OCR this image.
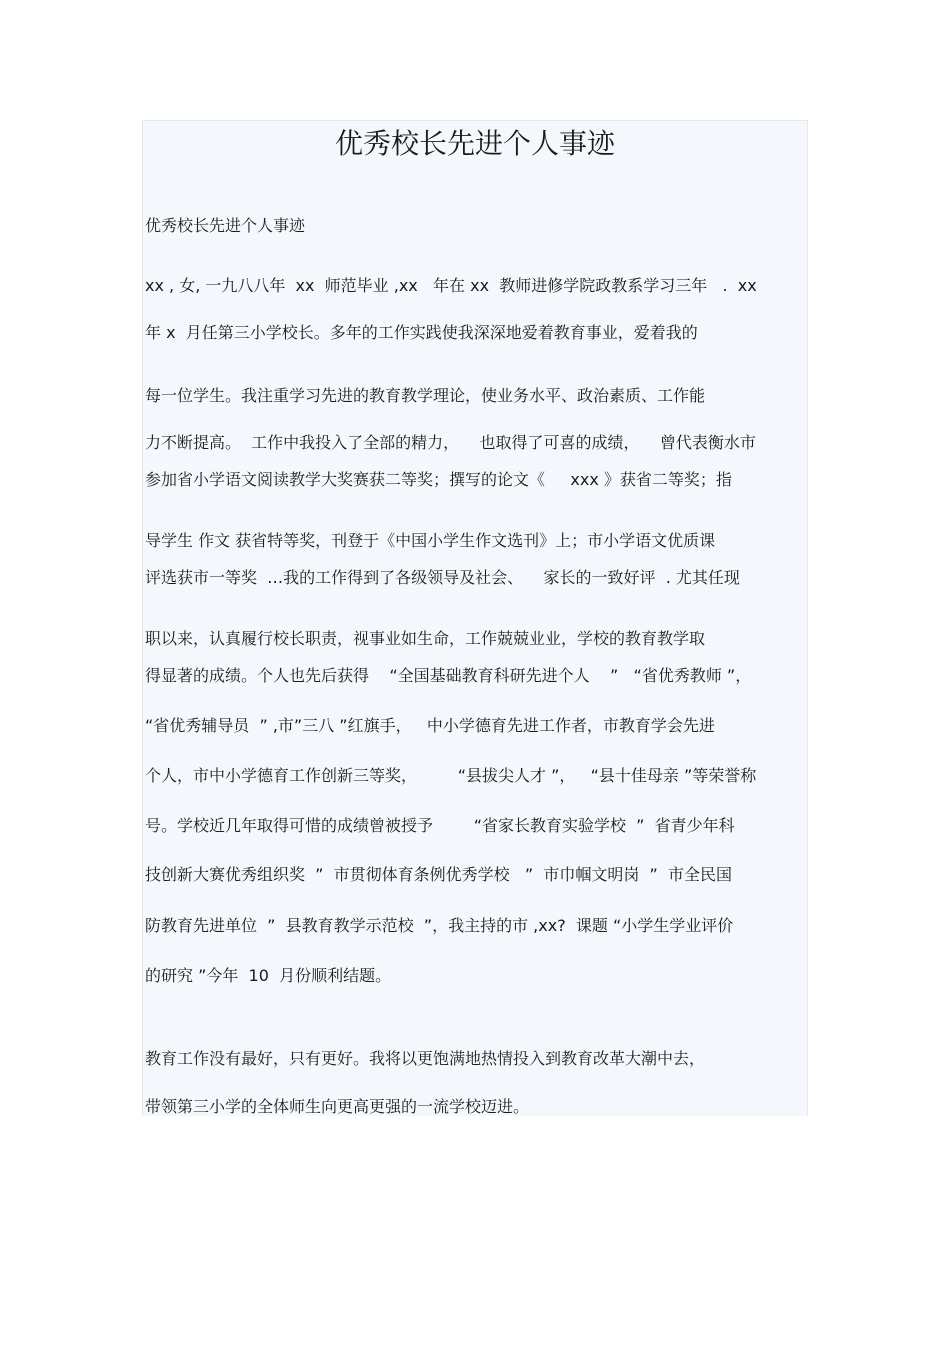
优秀校长先进个人事迹
优秀校长先进个人事迹
xx , 女, 一九八八年  xx  师范毕业 ,xx   年在 xx  教师进修学院政教系学习三年   .  xx
年 x  月任第三小学校长。多年的工作实践使我深深地爱着教育事业，爱着我的
每一位学生。我注重学习先进的教育教学理论，使业务水平、政治素质、工作能
力不断提高。  工作中我投入了全部的精力，    也取得了可喜的成绩，    曾代表衡水市
参加省小学语文阅读教学大奖赛获二等奖；撰写的论文《     xxx 》获省二等奖；指
导学生 作文 获省特等奖，刊登于《中国小学生作文选刊》上；市小学语文优质课
评选获市一等奖  …我的工作得到了各级领导及社会、    家长的一致好评  . 尤其任现
职以来，认真履行校长职责，视事业如生命，工作兢兢业业，学校的教育教学取
得显著的成绩。个人也先后获得    “全国基础教育科研先进个人    ”   “省优秀教师 ”，
“省优秀辅导员  ” ,市”三八 ”红旗手，   中小学德育先进工作者，市教育学会先进
个人，市中小学德育工作创新三等奖，        “县拔尖人才 ”，   “县十佳母亲 ”等荣誉称
号。学校近几年取得可惜的成绩曾被授予        “省家长教育实验学校  ”  省青少年科
技创新大赛优秀组织奖  ”  市贯彻体育条例优秀学校   ”  市巾帼文明岗  ”  市全民国
防教育先进单位  ”  县教育教学示范校  ”，我主持的市 ,xx?  课题 “小学生学业评价
的研究 ”今年  10  月份顺利结题。
教育工作没有最好，只有更好。我将以更饱满地热情投入到教育改革大潮中去，
带领第三小学的全体师生向更高更强的一流学校迈进。
